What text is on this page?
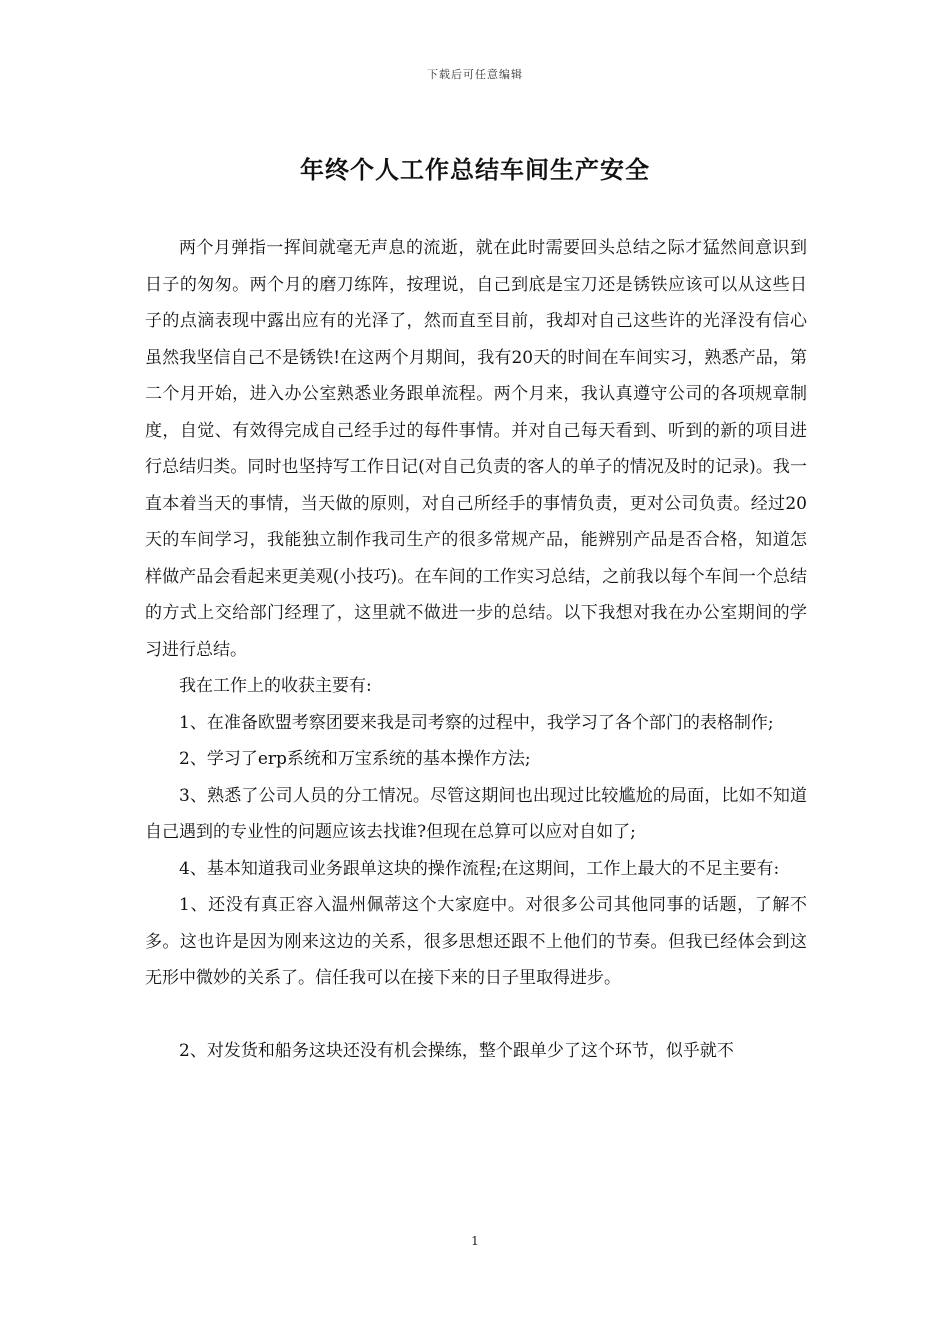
下载后可任意编辑
年终个人工作总结车间生产安全

两个月弹指一挥间就毫无声息的流逝，就在此时需要回头总结之际才猛然间意识到日子的匆匆。两个月的磨刀练阵，按理说，自己到底是宝刀还是锈铁应该可以从这些日子的点滴表现中露出应有的光泽了，然而直至目前，我却对自己这些许的光泽没有信心虽然我坚信自己不是锈铁!在这两个月期间，我有20天的时间在车间实习，熟悉产品，第二个月开始，进入办公室熟悉业务跟单流程。两个月来，我认真遵守公司的各项规章制度，自觉、有效得完成自己经手过的每件事情。并对自己每天看到、听到的新的项目进行总结归类。同时也坚持写工作日记(对自己负责的客人的单子的情况及时的记录)。我一直本着当天的事情，当天做的原则，对自己所经手的事情负责，更对公司负责。经过20天的车间学习，我能独立制作我司生产的很多常规产品，能辨别产品是否合格，知道怎样做产品会看起来更美观(小技巧)。在车间的工作实习总结，之前我以每个车间一个总结的方式上交给部门经理了，这里就不做进一步的总结。以下我想对我在办公室期间的学习进行总结。

我在工作上的收获主要有:

1、在准备欧盟考察团要来我是司考察的过程中，我学习了各个部门的表格制作;

2、学习了erp系统和万宝系统的基本操作方法;

3、熟悉了公司人员的分工情况。尽管这期间也出现过比较尴尬的局面，比如不知道自己遇到的专业性的问题应该去找谁?但现在总算可以应对自如了;

4、基本知道我司业务跟单这块的操作流程;在这期间，工作上最大的不足主要有:

1、还没有真正容入温州佩蒂这个大家庭中。对很多公司其他同事的话题，了解不多。这也许是因为刚来这边的关系，很多思想还跟不上他们的节奏。但我已经体会到这无形中微妙的关系了。信任我可以在接下来的日子里取得进步。

2、对发货和船务这块还没有机会操练，整个跟单少了这个环节，似乎就不

1
